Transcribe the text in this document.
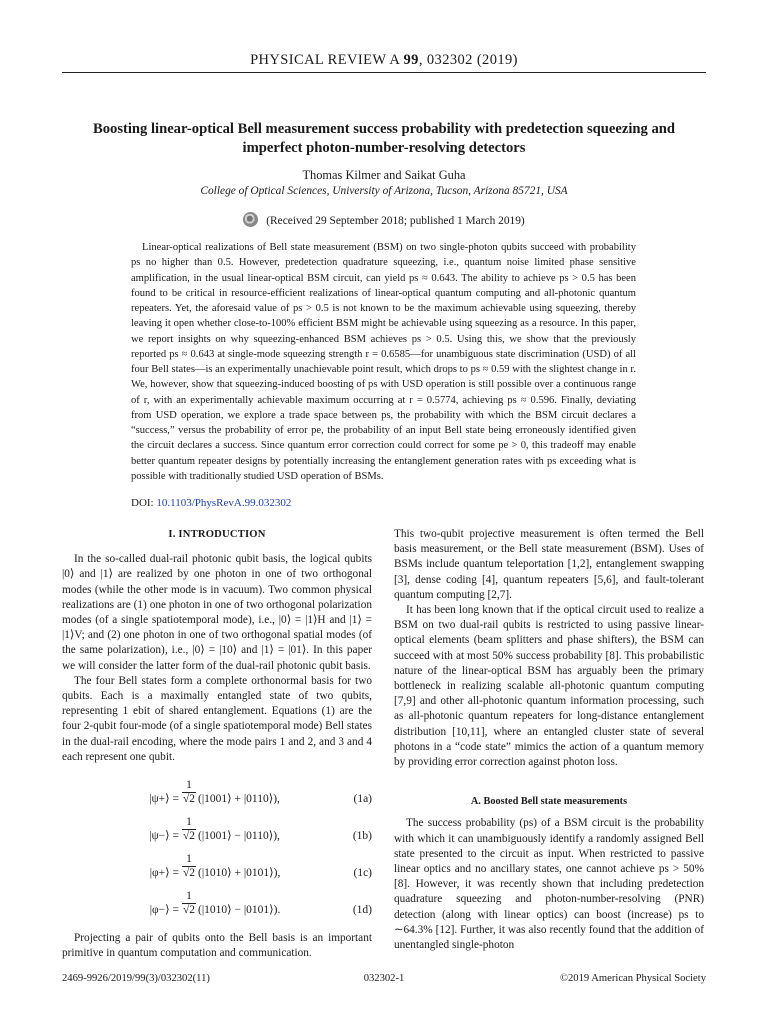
PHYSICAL REVIEW A 99, 032302 (2019)
Boosting linear-optical Bell measurement success probability with predetection squeezing and imperfect photon-number-resolving detectors
Thomas Kilmer and Saikat Guha
College of Optical Sciences, University of Arizona, Tucson, Arizona 85721, USA
(Received 29 September 2018; published 1 March 2019)

Linear-optical realizations of Bell state measurement (BSM) on two single-photon qubits succeed with probability ps no higher than 0.5. However, predetection quadrature squeezing, i.e., quantum noise limited phase sensitive amplification, in the usual linear-optical BSM circuit, can yield ps ≈ 0.643. The ability to achieve ps > 0.5 has been found to be critical in resource-efficient realizations of linear-optical quantum computing and all-photonic quantum repeaters. Yet, the aforesaid value of ps > 0.5 is not known to be the maximum achievable using squeezing, thereby leaving it open whether close-to-100% efficient BSM might be achievable using squeezing as a resource. In this paper, we report insights on why squeezing-enhanced BSM achieves ps > 0.5. Using this, we show that the previously reported ps ≈ 0.643 at single-mode squeezing strength r = 0.6585—for unambiguous state discrimination (USD) of all four Bell states—is an experimentally unachievable point result, which drops to ps ≈ 0.59 with the slightest change in r. We, however, show that squeezing-induced boosting of ps with USD operation is still possible over a continuous range of r, with an experimentally achievable maximum occurring at r = 0.5774, achieving ps ≈ 0.596. Finally, deviating from USD operation, we explore a trade space between ps, the probability with which the BSM circuit declares a “success,” versus the probability of error pe, the probability of an input Bell state being erroneously identified given the circuit declares a success. Since quantum error correction could correct for some pe > 0, this tradeoff may enable better quantum repeater designs by potentially increasing the entanglement generation rates with ps exceeding what is possible with traditionally studied USD operation of BSMs.

DOI: 10.1103/PhysRevA.99.032302
I. INTRODUCTION

In the so-called dual-rail photonic qubit basis, the logical qubits |0⟩ and |1⟩ are realized by one photon in one of two orthogonal modes (while the other mode is in vacuum). Two common physical realizations are (1) one photon in one of two orthogonal polarization modes (of a single spatiotemporal mode), i.e., |0⟩ = |1⟩H and |1⟩ = |1⟩V; and (2) one photon in one of two orthogonal spatial modes (of the same polarization), i.e., |0⟩ = |10⟩ and |1⟩ = |01⟩. In this paper we will consider the latter form of the dual-rail photonic qubit basis.

The four Bell states form a complete orthonormal basis for two qubits. Each is a maximally entangled state of two qubits, representing 1 ebit of shared entanglement. Equations (1) are the four 2-qubit four-mode (of a single spatiotemporal mode) Bell states in the dual-rail encoding, where the mode pairs 1 and 2, and 3 and 4 each represent one qubit.

|ψ+⟩ = $\frac{1}{√2}$ (|1001⟩ + |0110⟩),	(1a)
|ψ−⟩ = $\frac{1}{√2}$ (|1001⟩ − |0110⟩),	(1b)
|φ+⟩ = $\frac{1}{√2}$ (|1010⟩ + |0101⟩),	(1c)
|φ−⟩ = $\frac{1}{√2}$ (|1010⟩ − |0101⟩).	(1d)

Projecting a pair of qubits onto the Bell basis is an important primitive in quantum computation and communication.

This two-qubit projective measurement is often termed the Bell basis measurement, or the Bell state measurement (BSM). Uses of BSMs include quantum teleportation [1,2], entanglement swapping [3], dense coding [4], quantum repeaters [5,6], and fault-tolerant quantum computing [2,7].

It has been long known that if the optical circuit used to realize a BSM on two dual-rail qubits is restricted to using passive linear-optical elements (beam splitters and phase shifters), the BSM can succeed with at most 50% success probability [8]. This probabilistic nature of the linear-optical BSM has arguably been the primary bottleneck in realizing scalable all-photonic quantum computing [7,9] and other all-photonic quantum information processing, such as all-photonic quantum repeaters for long-distance entanglement distribution [10,11], where an entangled cluster state of several photons in a “code state” mimics the action of a quantum memory by providing error correction against photon loss.

A. Boosted Bell state measurements

The success probability (ps) of a BSM circuit is the probability with which it can unambiguously identify a randomly assigned Bell state presented to the circuit as input. When restricted to passive linear optics and no ancillary states, one cannot achieve ps > 50% [8]. However, it was recently shown that including predetection quadrature squeezing and photon-number-resolving (PNR) detection (along with linear optics) can boost (increase) ps to ∼64.3% [12]. Further, it was also recently found that the addition of unentangled single-photon

2469-9926/2019/99(3)/032302(11)	032302-1	©2019 American Physical Society
